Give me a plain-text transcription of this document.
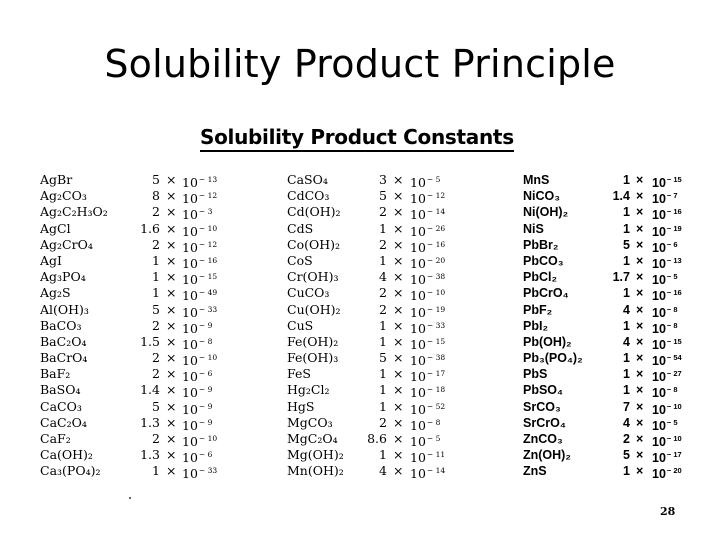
Solubility Product Principle
Solubility Product Constants
AgBr	$5 \times 10^{- 13}$
Ag₂CO₃	$8 \times 10^{- 12}$
Ag₂C₂H₃O₂	$2 \times 10^{- 3}$
AgCl	$1.6 \times 10^{- 10}$
Ag₂CrO₄	$2 \times 10^{- 12}$
AgI	$1 \times 10^{- 16}$
Ag₃PO₄	$1 \times 10^{- 15}$
Ag₂S	$1 \times 10^{- 49}$
Al(OH)₃	$5 \times 10^{- 33}$
BaCO₃	$2 \times 10^{- 9}$
BaC₂O₄	$1.5 \times 10^{- 8}$
BaCrO₄	$2 \times 10^{- 10}$
BaF₂	$2 \times 10^{- 6}$
BaSO₄	$1.4 \times 10^{- 9}$
CaCO₃	$5 \times 10^{- 9}$
CaC₂O₄	$1.3 \times 10^{- 9}$
CaF₂	$2 \times 10^{- 10}$
Ca(OH)₂	$1.3 \times 10^{- 6}$
Ca₃(PO₄)₂	$1 \times 10^{- 33}$
CaSO₄	$3 \times 10^{- 5}$
CdCO₃	$5 \times 10^{- 12}$
Cd(OH)₂	$2 \times 10^{- 14}$
CdS	$1 \times 10^{- 26}$
Co(OH)₂	$2 \times 10^{- 16}$
CoS	$1 \times 10^{- 20}$
Cr(OH)₃	$4 \times 10^{- 38}$
CuCO₃	$2 \times 10^{- 10}$
Cu(OH)₂	$2 \times 10^{- 19}$
CuS	$1 \times 10^{- 33}$
Fe(OH)₂	$1 \times 10^{- 15}$
Fe(OH)₃	$5 \times 10^{- 38}$
FeS	$1 \times 10^{- 17}$
Hg₂Cl₂	$1 \times 10^{- 18}$
HgS	$1 \times 10^{- 52}$
MgCO₃	$2 \times 10^{- 8}$
MgC₂O₄	$8.6 \times 10^{- 5}$
Mg(OH)₂	$1 \times 10^{- 11}$
Mn(OH)₂	$4 \times 10^{- 14}$
MnS	$1 \times 10^{- 15}$
NiCO₃	$1.4 \times 10^{- 7}$
Ni(OH)₂	$1 \times 10^{- 16}$
NiS	$1 \times 10^{- 19}$
PbBr₂	$5 \times 10^{- 6}$
PbCO₃	$1 \times 10^{- 13}$
PbCl₂	$1.7 \times 10^{- 5}$
PbCrO₄	$1 \times 10^{- 16}$
PbF₂	$4 \times 10^{- 8}$
PbI₂	$1 \times 10^{- 8}$
Pb(OH)₂	$4 \times 10^{- 15}$
Pb₃(PO₄)₂	$1 \times 10^{- 54}$
PbS	$1 \times 10^{- 27}$
PbSO₄	$1 \times 10^{- 8}$
SrCO₃	$7 \times 10^{- 10}$
SrCrO₄	$4 \times 10^{- 5}$
ZnCO₃	$2 \times 10^{- 10}$
Zn(OH)₂	$5 \times 10^{- 17}$
ZnS	$1 \times 10^{- 20}$
28
